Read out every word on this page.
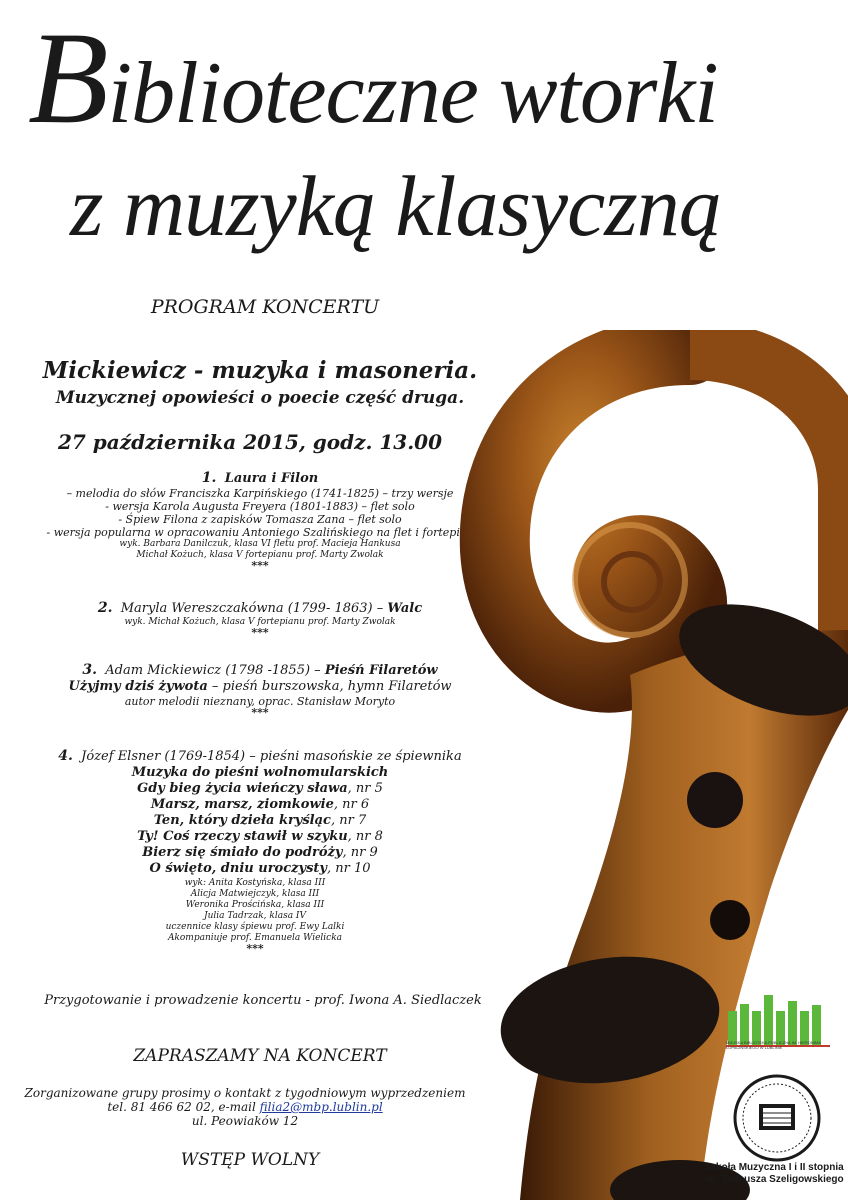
Biblioteczne wtorki
z muzyką klasyczną
PROGRAM KONCERTU
Mickiewicz - muzyka i masoneria.
Muzycznej opowieści o poecie część druga.
27 października 2015, godz. 13.00
1. Laura i Filon
– melodia do słów Franciszka Karpińskiego (1741-1825) – trzy wersje
- wersja Karola Augusta Freyera (1801-1883) – flet solo
- Śpiew Filona z zapisków Tomasza Zana – flet solo
- wersja popularna w opracowaniu Antoniego Szalińskiego na flet i fortepian
wyk. Barbara Danilczuk, klasa VI fletu prof. Macieja Hankusa
Michał Kożuch, klasa V fortepianu prof. Marty Zwolak
***
2. Maryla Wereszczakówna (1799- 1863) – Walc
wyk. Michał Kożuch, klasa V fortepianu prof. Marty Zwolak
***
3. Adam Mickiewicz (1798 -1855) – Pieśń Filaretów
Użyjmy dziś żywota – pieśń burszowska, hymn Filaretów
autor melodii nieznany, oprac. Stanisław Moryto
***
4. Józef Elsner (1769-1854) – pieśni masońskie ze śpiewnika
Muzyka do pieśni wolnomularskich
Gdy bieg życia wieńczy sława, nr 5
Marsz, marsz, ziomkowie, nr 6
Ten, który dzieła kryśląc, nr 7
Ty! Coś rzeczy stawił w szyku, nr 8
Bierz się śmiało do podróży, nr 9
O święto, dniu uroczysty, nr 10
wyk: Anita Kostyńska, klasa III
Alicja Matwiejczyk, klasa III
Weronika Prościńska, klasa III
Julia Tadrzak, klasa IV
uczennice klasy śpiewu prof. Ewy Lalki
Akompaniuje prof. Emanuela Wielicka
***
Przygotowanie i prowadzenie koncertu - prof. Iwona A. Siedlaczek
ZAPRASZAMY NA KONCERT
Zorganizowane grupy prosimy o kontakt z tygodniowym wyprzedzeniem
tel. 81 466 62 02, e-mail filia2@mbp.lublin.pl
ul. Peowiaków 12
WSTĘP WOLNY
MIEJSKA BIBLIOTEKA PUBLICZNA IM. HIERONIMA ŁOPACIŃSKIEGO W LUBLINIE
Szkoła Muzyczna I i II stopnia
im. Tadeusza Szeligowskiego
